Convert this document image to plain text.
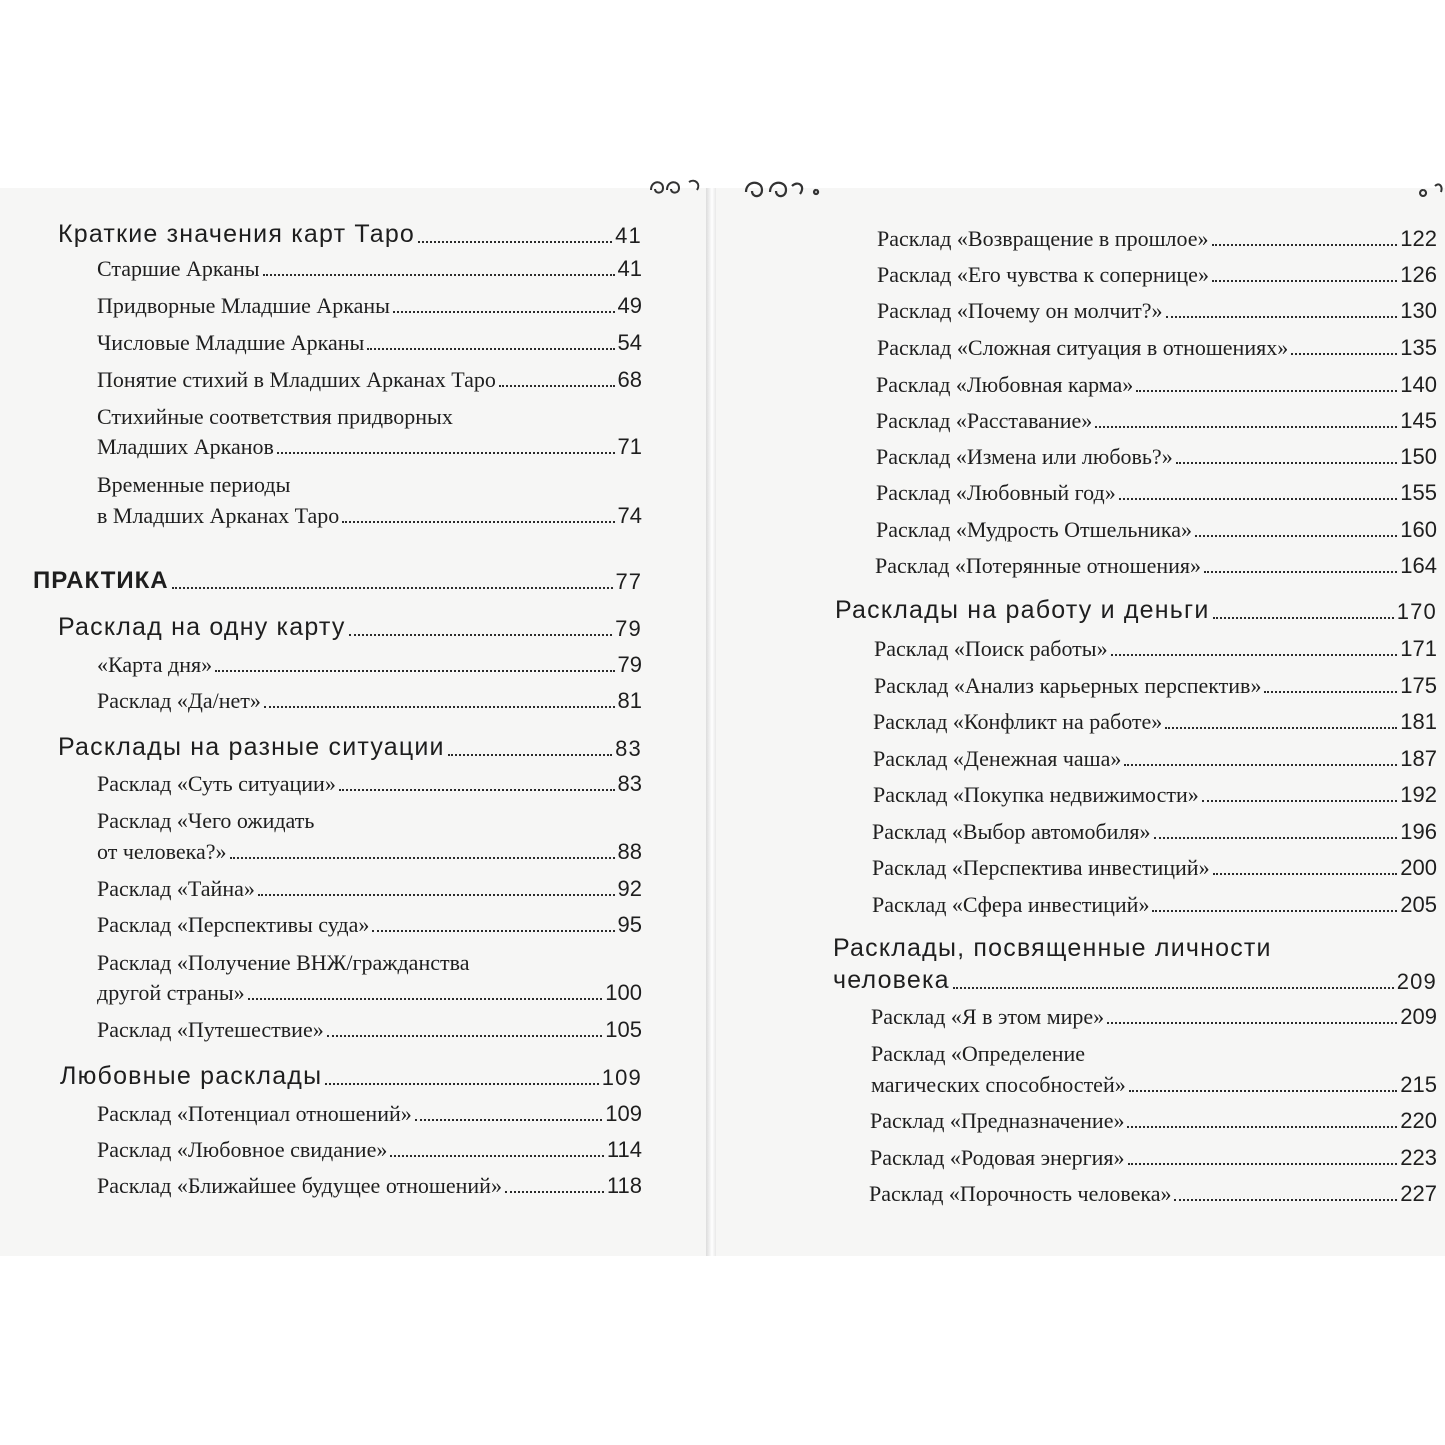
Краткие значения карт Таро	41
Старшие Арканы	41
Придворные Младшие Арканы	49
Числовые Младшие Арканы	54
Понятие стихий в Младших Арканах Таро	68
Стихийные соответствия придворных
Младших Арканов	71
Временные периоды
в Младших Арканах Таро	74
ПРАКТИКА	77
Расклад на одну карту	79
«Карта дня»	79
Расклад «Да/нет»	81
Расклады на разные ситуации	83
Расклад «Суть ситуации»	83
Расклад «Чего ожидать
от человека?»	88
Расклад «Тайна»	92
Расклад «Перспективы суда»	95
Расклад «Получение ВНЖ/гражданства
другой страны»	100
Расклад «Путешествие»	105
Любовные расклады	109
Расклад «Потенциал отношений»	109
Расклад «Любовное свидание»	114
Расклад «Ближайшее будущее отношений»	118
Расклад «Возвращение в прошлое»	122
Расклад «Его чувства к сопернице»	126
Расклад «Почему он молчит?»	130
Расклад «Сложная ситуация в отношениях»	135
Расклад «Любовная карма»	140
Расклад «Расставание»	145
Расклад «Измена или любовь?»	150
Расклад «Любовный год»	155
Расклад «Мудрость Отшельника»	160
Расклад «Потерянные отношения»	164
Расклады на работу и деньги	170
Расклад «Поиск работы»	171
Расклад «Анализ карьерных перспектив»	175
Расклад «Конфликт на работе»	181
Расклад «Денежная чаша»	187
Расклад «Покупка недвижимости»	192
Расклад «Выбор автомобиля»	196
Расклад «Перспектива инвестиций»	200
Расклад «Сфера инвестиций»	205
Расклады, посвященные личности
человека	209
Расклад «Я в этом мире»	209
Расклад «Определение
магических способностей»	215
Расклад «Предназначение»	220
Расклад «Родовая энергия»	223
Расклад «Порочность человека»	227
